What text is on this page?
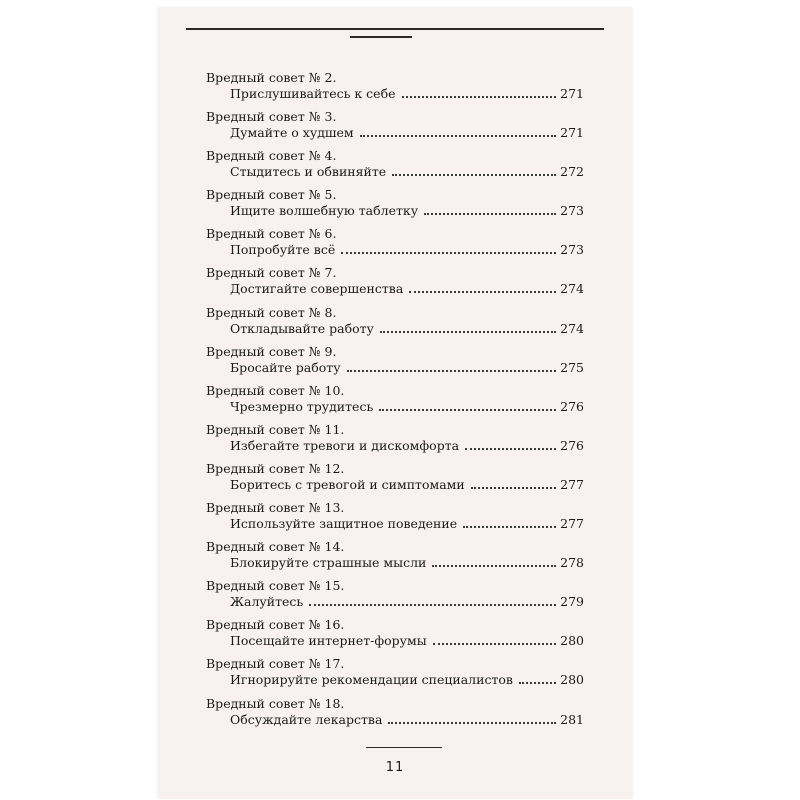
Вредный совет № 2.
Прислушивайтесь к себе	271
Вредный совет № 3.
Думайте о худшем	271
Вредный совет № 4.
Стыдитесь и обвиняйте	272
Вредный совет № 5.
Ищите волшебную таблетку	273
Вредный совет № 6.
Попробуйте всё	273
Вредный совет № 7.
Достигайте совершенства	274
Вредный совет № 8.
Откладывайте работу	274
Вредный совет № 9.
Бросайте работу	275
Вредный совет № 10.
Чрезмерно трудитесь	276
Вредный совет № 11.
Избегайте тревоги и дискомфорта	276
Вредный совет № 12.
Боритесь с тревогой и симптомами	277
Вредный совет № 13.
Используйте защитное поведение	277
Вредный совет № 14.
Блокируйте страшные мысли	278
Вредный совет № 15.
Жалуйтесь	279
Вредный совет № 16.
Посещайте интернет-форумы	280
Вредный совет № 17.
Игнорируйте рекомендации специалистов	280
Вредный совет № 18.
Обсуждайте лекарства	281
11
